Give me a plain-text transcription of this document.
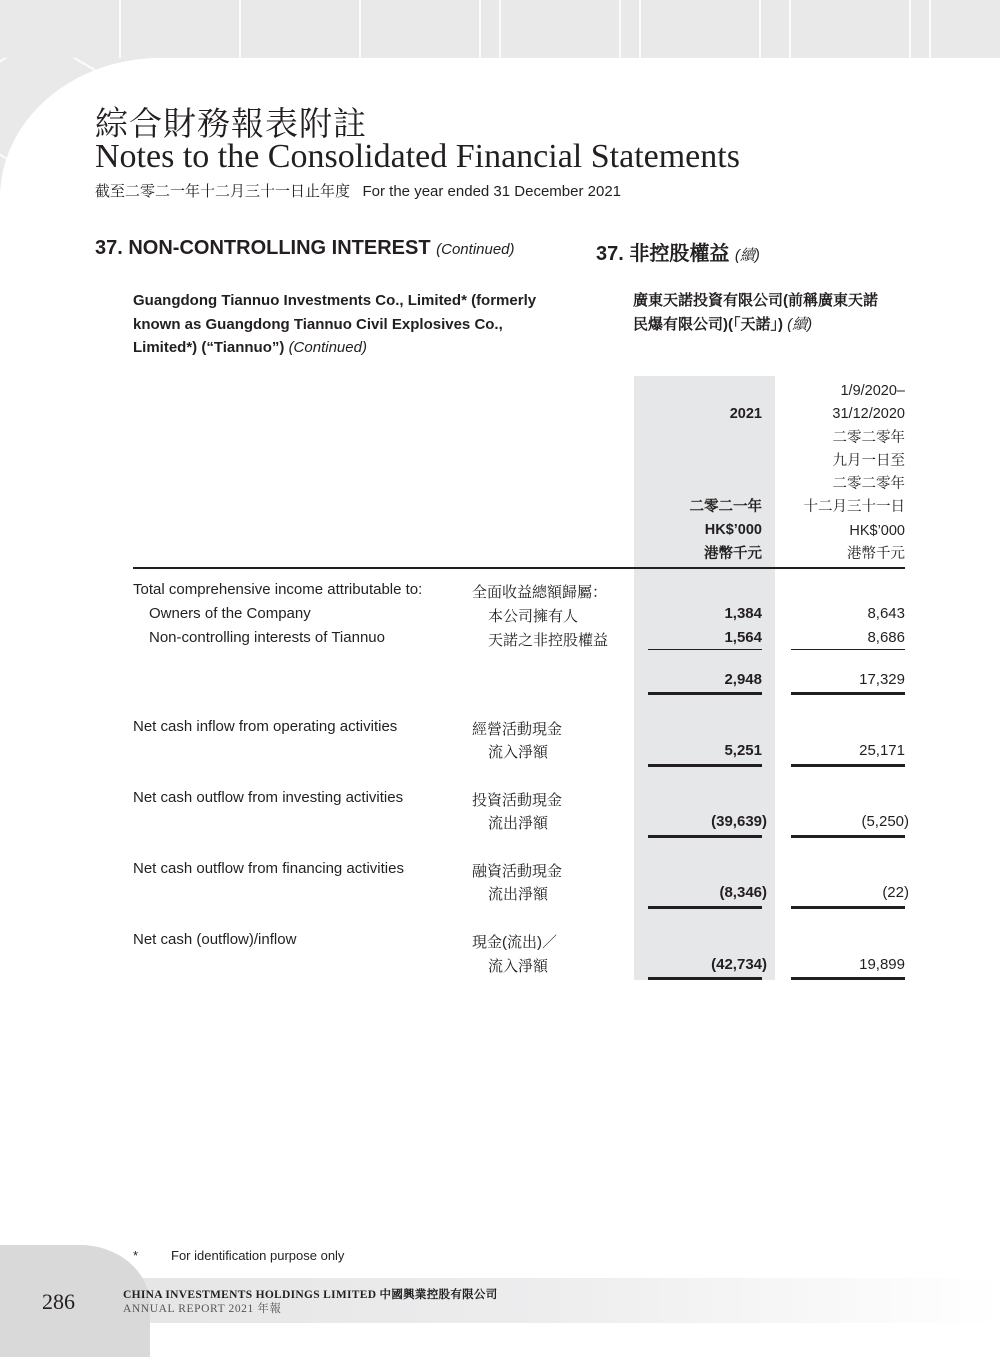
綜合財務報表附註
Notes to the Consolidated Financial Statements
截至二零二一年十二月三十一日止年度   For the year ended 31 December 2021
37. NON-CONTROLLING INTEREST (Continued)	37. 非控股權益 (續)
Guangdong Tiannuo Investments Co., Limited* (formerly
known as Guangdong Tiannuo Civil Explosives Co.,
Limited*) (“Tiannuo”) (Continued)
廣東天諾投資有限公司(前稱廣東天諾
民爆有限公司)(「天諾」) (續)
2021
二零二一年
HK$’000
港幣千元
1/9/2020–
31/12/2020
二零二零年
九月一日至
二零二零年
十二月三十一日
HK$’000
港幣千元
Total comprehensive income attributable to:	全面收益總額歸屬：
Owners of the Company	本公司擁有人	1,384	8,643
Non-controlling interests of Tiannuo	天諾之非控股權益	1,564	8,686
2,948	17,329
Net cash inflow from operating activities	經營活動現金
流入淨額	5,251	25,171
Net cash outflow from investing activities	投資活動現金
流出淨額	(39,639)	(5,250)
Net cash outflow from financing activities	融資活動現金
流出淨額	(8,346)	(22)
Net cash (outflow)/inflow	現金(流出)／
流入淨額	(42,734)	19,899
*	For identification purpose only
286	CHINA INVESTMENTS HOLDINGS LIMITED 中國興業控股有限公司
ANNUAL REPORT 2021 年報
